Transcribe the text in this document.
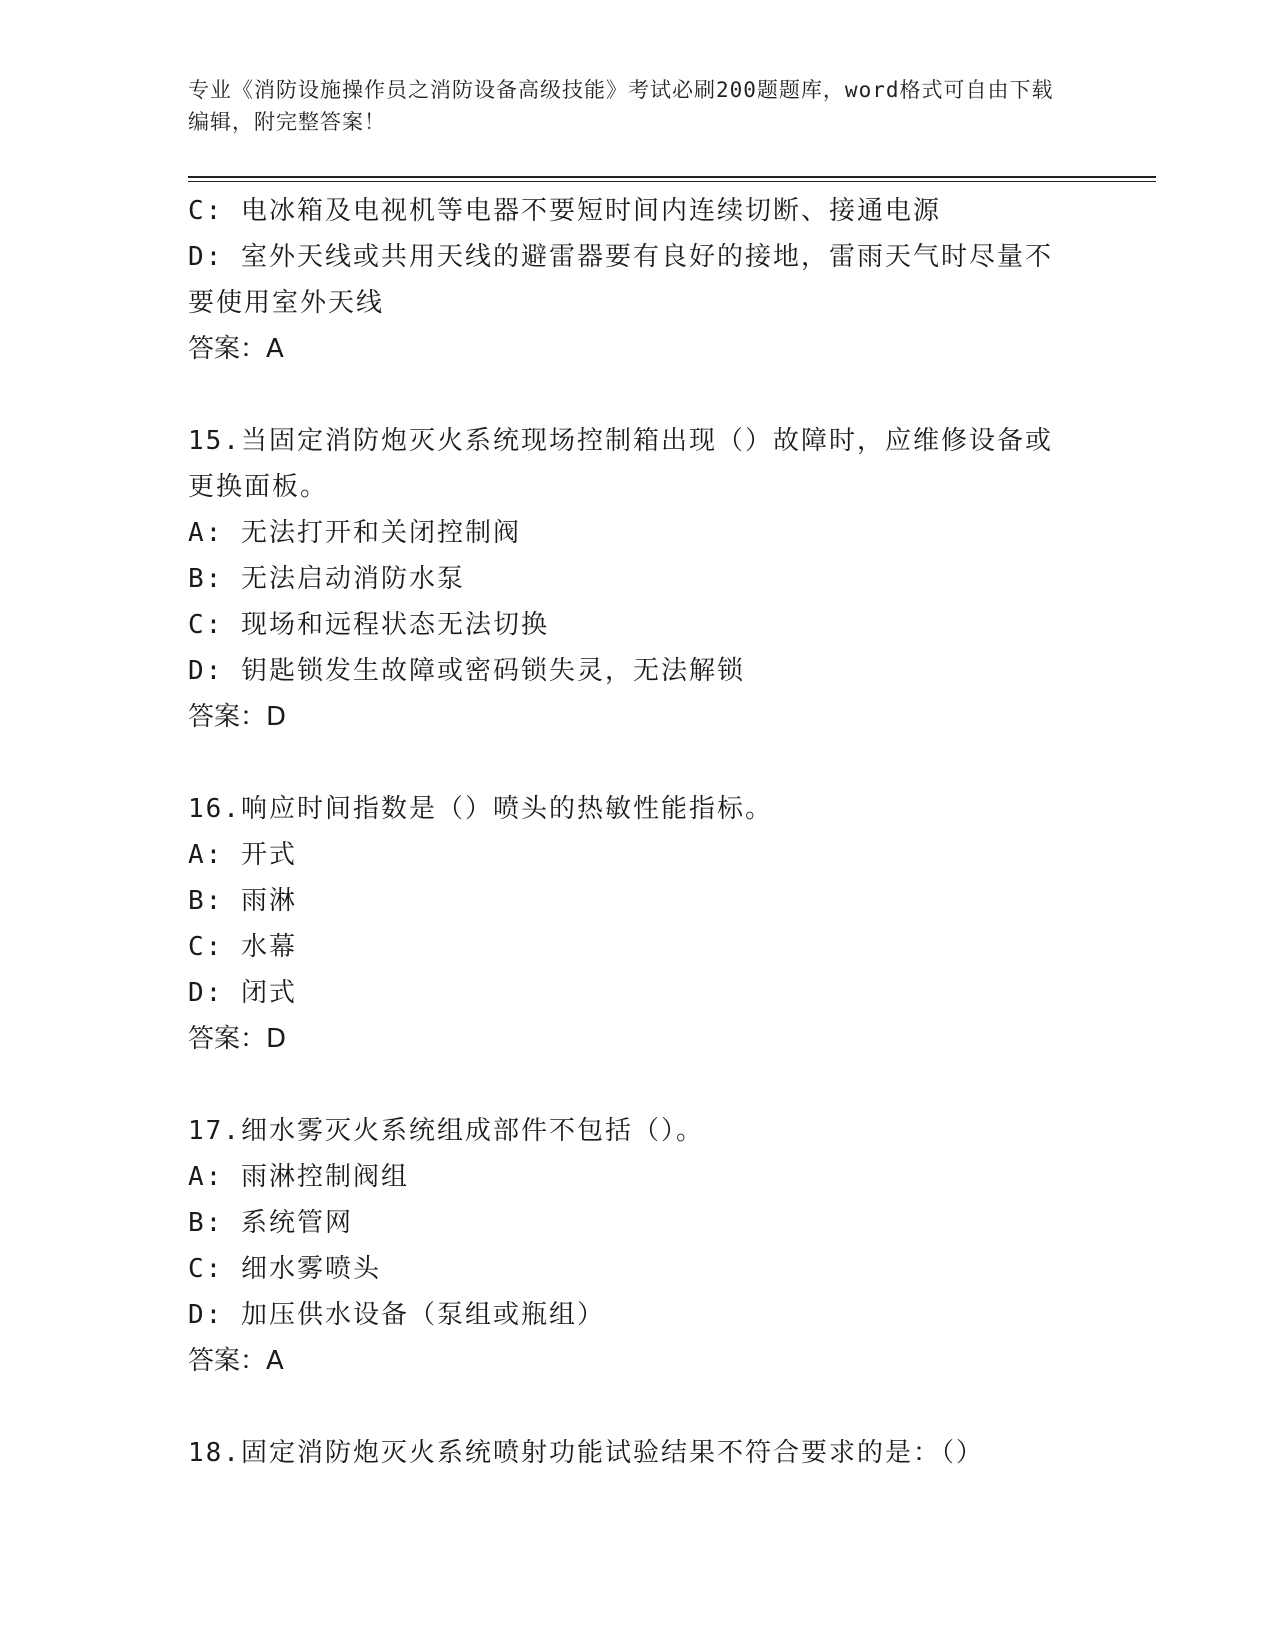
专业《消防设施操作员之消防设备高级技能》考试必刷200题题库，word格式可自由下载编辑，附完整答案！
C: 电冰箱及电视机等电器不要短时间内连续切断、接通电源
D: 室外天线或共用天线的避雷器要有良好的接地，雷雨天气时尽量不
要使用室外天线
答案：A
15.当固定消防炮灭火系统现场控制箱出现（）故障时，应维修设备或
更换面板。
A: 无法打开和关闭控制阀
B: 无法启动消防水泵
C: 现场和远程状态无法切换
D: 钥匙锁发生故障或密码锁失灵，无法解锁
答案：D
16.响应时间指数是（）喷头的热敏性能指标。
A: 开式
B: 雨淋
C: 水幕
D: 闭式
答案：D
17.细水雾灭火系统组成部件不包括（）。
A: 雨淋控制阀组
B: 系统管网
C: 细水雾喷头
D: 加压供水设备（泵组或瓶组）
答案：A
18.固定消防炮灭火系统喷射功能试验结果不符合要求的是：（）
